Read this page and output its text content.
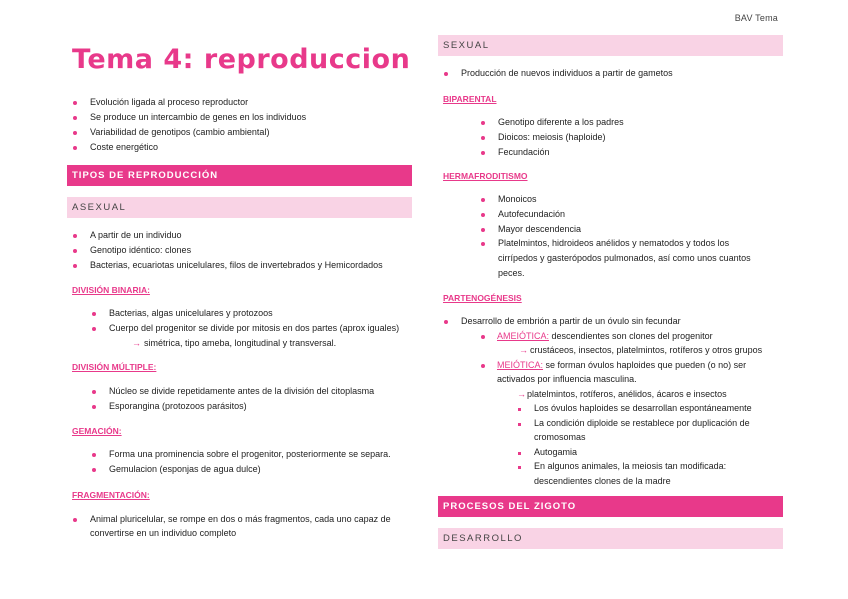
BAV Tema
Tema 4: reproduccion
Evolución ligada al proceso reproductor
Se produce un intercambio de genes en los individuos
Variabilidad de genotipos (cambio ambiental)
Coste energético
TIPOS DE REPRODUCCIÓN
ASEXUAL
A partir de un individuo
Genotipo idéntico: clones
Bacterias, ecuariotas unicelulares, filos de invertebrados y Hemicordados
DIVISIÓN BINARIA:
Bacterias, algas unicelulares y protozoos
Cuerpo del progenitor se divide por mitosis en dos partes (aprox iguales)
→ simétrica, tipo ameba, longitudinal y transversal.
DIVISIÓN MÚLTIPLE:
Núcleo se divide repetidamente antes de la división del citoplasma
Esporangina (protozoos parásitos)
GEMACIÓN:
Forma una prominencia sobre el progenitor, posteriormente se separa.
Gemulacion (esponjas de agua dulce)
FRAGMENTACIÓN:
Animal pluricelular, se rompe en dos o más fragmentos, cada uno capaz de
convertirse en un individuo completo
SEXUAL
Producción de nuevos individuos a partir de gametos
BIPARENTAL
Genotipo diferente a los padres
Dioicos: meiosis (haploide)
Fecundación
HERMAFRODITISMO
Monoicos
Autofecundación
Mayor descendencia
Platelmintos, hidroideos anélidos y nematodos y todos los
cirrípedos y gasterópodos pulmonados, así como unos cuantos
peces.
PARTENOGÉNESIS
Desarrollo de embrión a partir de un óvulo sin fecundar
AMEIÓTICA: descendientes son clones del progenitor
→ crustáceos, insectos, platelmintos, rotíferos y otros grupos
MEIÓTICA: se forman óvulos haploides que pueden (o no) ser
activados por influencia masculina.
→ platelmintos, rotíferos, anélidos, ácaros e insectos
Los óvulos haploides se desarrollan espontáneamente
La condición diploide se restablece por duplicación de
cromosomas
Autogamia
En algunos animales, la meiosis tan modificada:
descendientes clones de la madre
PROCESOS DEL ZIGOTO
DESARROLLO
